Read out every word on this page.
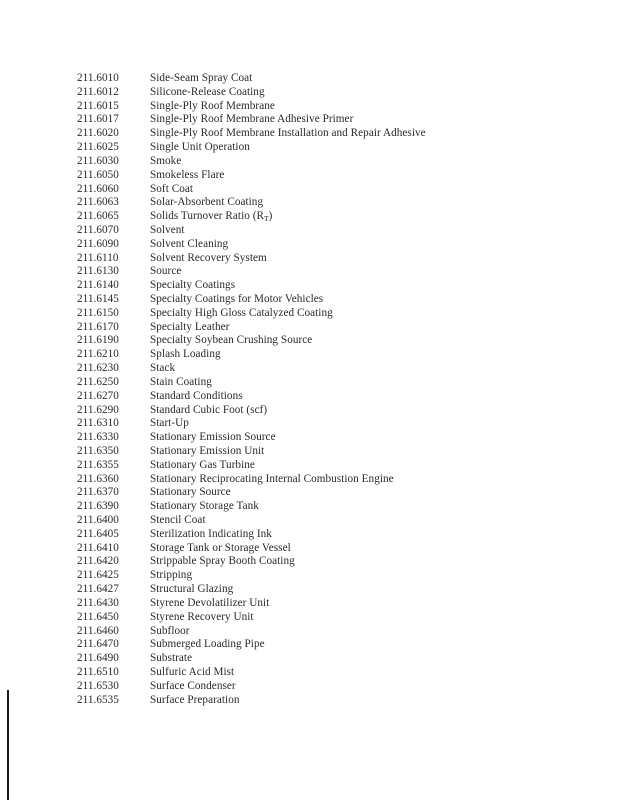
211.6010	Side-Seam Spray Coat
211.6012	Silicone-Release Coating
211.6015	Single-Ply Roof Membrane
211.6017	Single-Ply Roof Membrane Adhesive Primer
211.6020	Single-Ply Roof Membrane Installation and Repair Adhesive
211.6025	Single Unit Operation
211.6030	Smoke
211.6050	Smokeless Flare
211.6060	Soft Coat
211.6063	Solar-Absorbent Coating
211.6065	Solids Turnover Ratio $(R_T)$
211.6070	Solvent
211.6090	Solvent Cleaning
211.6110	Solvent Recovery System
211.6130	Source
211.6140	Specialty Coatings
211.6145	Specialty Coatings for Motor Vehicles
211.6150	Specialty High Gloss Catalyzed Coating
211.6170	Specialty Leather
211.6190	Specialty Soybean Crushing Source
211.6210	Splash Loading
211.6230	Stack
211.6250	Stain Coating
211.6270	Standard Conditions
211.6290	Standard Cubic Foot (scf)
211.6310	Start-Up
211.6330	Stationary Emission Source
211.6350	Stationary Emission Unit
211.6355	Stationary Gas Turbine
211.6360	Stationary Reciprocating Internal Combustion Engine
211.6370	Stationary Source
211.6390	Stationary Storage Tank
211.6400	Stencil Coat
211.6405	Sterilization Indicating Ink
211.6410	Storage Tank or Storage Vessel
211.6420	Strippable Spray Booth Coating
211.6425	Stripping
211.6427	Structural Glazing
211.6430	Styrene Devolatilizer Unit
211.6450	Styrene Recovery Unit
211.6460	Subfloor
211.6470	Submerged Loading Pipe
211.6490	Substrate
211.6510	Sulfuric Acid Mist
211.6530	Surface Condenser
211.6535	Surface Preparation
